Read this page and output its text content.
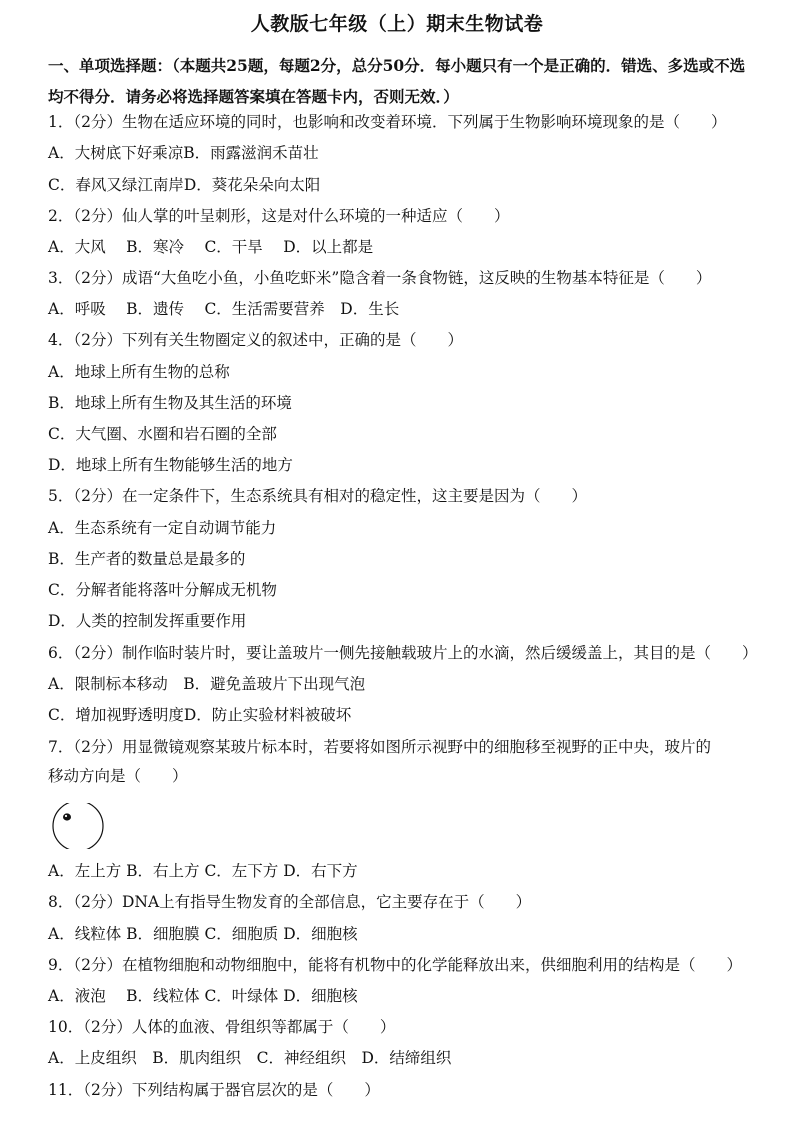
人教版七年级（上）期末生物试卷
一、单项选择题：（本题共25题，每题2分，总分50分．每小题只有一个是正确的．错选、多选或不选均不得分．请务必将选择题答案填在答题卡内，否则无效．）
1．（2分）生物在适应环境的同时，也影响和改变着环境．下列属于生物影响环境现象的是（　　）
A．大树底下好乘凉B．雨露滋润禾苗壮
C．春风又绿江南岸D．葵花朵朵向太阳
2．（2分）仙人掌的叶呈刺形，这是对什么环境的一种适应（　　）
A．大风　 B．寒冷　 C．干旱　 D．以上都是
3．（2分）成语“大鱼吃小鱼，小鱼吃虾米”隐含着一条食物链，这反映的生物基本特征是（　　）
A．呼吸　 B．遗传　 C．生活需要营养　D．生长
4．（2分）下列有关生物圈定义的叙述中，正确的是（　　）
A．地球上所有生物的总称
B．地球上所有生物及其生活的环境
C．大气圈、水圈和岩石圈的全部
D．地球上所有生物能够生活的地方
5．（2分）在一定条件下，生态系统具有相对的稳定性，这主要是因为（　　）
A．生态系统有一定自动调节能力
B．生产者的数量总是最多的
C．分解者能将落叶分解成无机物
D．人类的控制发挥重要作用
6．（2分）制作临时装片时，要让盖玻片一侧先接触载玻片上的水滴，然后缓缓盖上，其目的是（　　）
A．限制标本移动　B．避免盖玻片下出现气泡
C．增加视野透明度D．防止实验材料被破坏
7．（2分）用显微镜观察某玻片标本时，若要将如图所示视野中的细胞移至视野的正中央，玻片的
移动方向是（　　）
A．左上方 B．右上方 C．左下方 D．右下方
8．（2分）DNA上有指导生物发育的全部信息，它主要存在于（　　）
A．线粒体 B．细胞膜 C．细胞质 D．细胞核
9．（2分）在植物细胞和动物细胞中，能将有机物中的化学能释放出来，供细胞利用的结构是（　　）
A．液泡　 B．线粒体 C．叶绿体 D．细胞核
10．（2分）人体的血液、骨组织等都属于（　　）
A．上皮组织　B．肌肉组织　C．神经组织　D．结缔组织
11．（2分）下列结构属于器官层次的是（　　）
